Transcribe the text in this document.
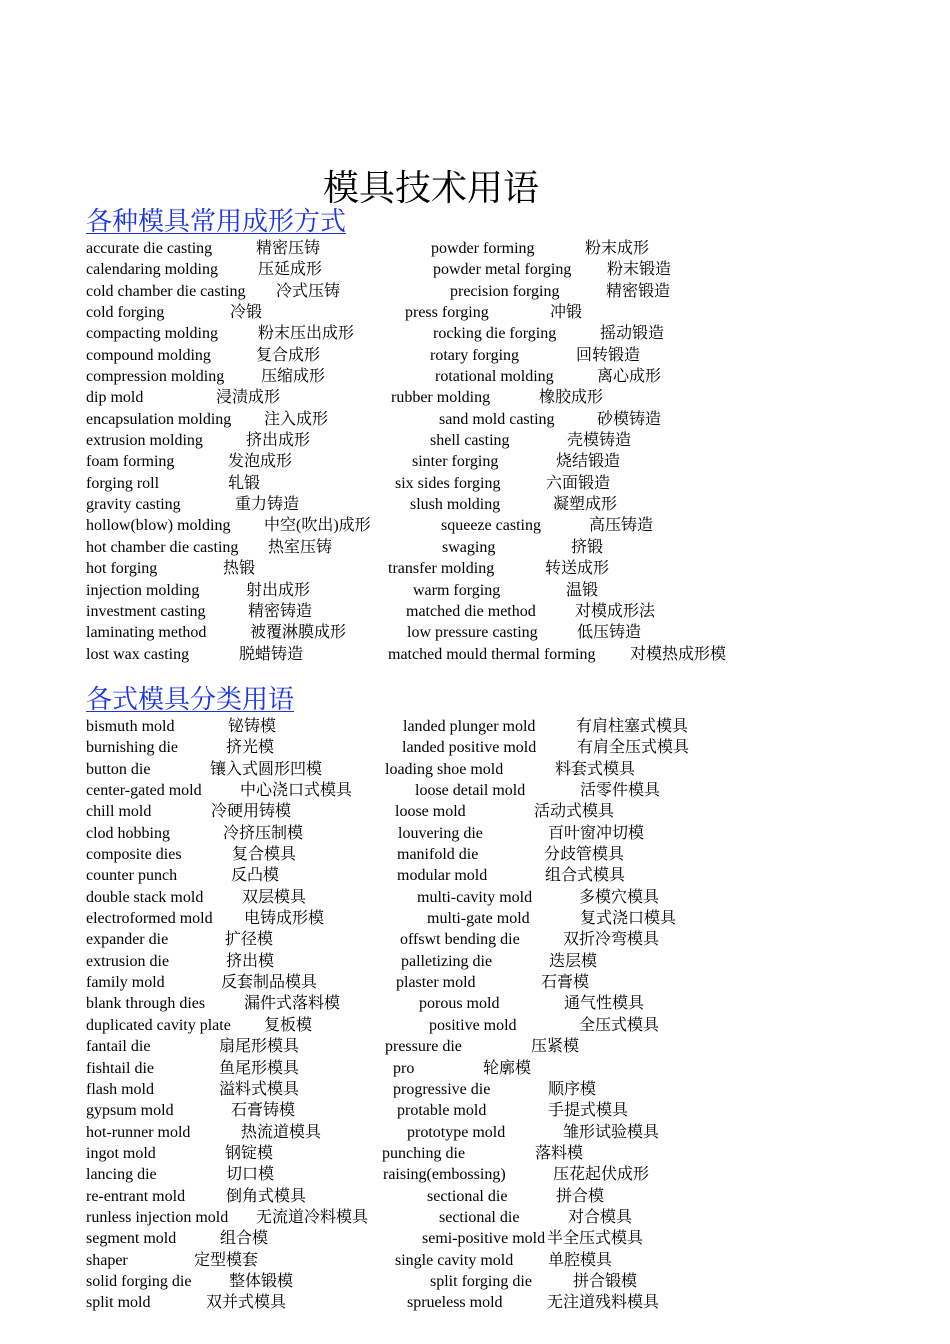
模具技术用语
各种模具常用成形方式
accurate die casting	精密压铸	powder forming	粉末成形
calendaring molding	压延成形	powder metal forging 粉末锻造
cold chamber die casting 冷式压铸	precision forging	精密锻造
cold forging	冷锻	press forging	冲锻
compacting molding	粉末压出成形	rocking die forging	摇动锻造
compound molding	复合成形	rotary forging	回转锻造
compression molding 压缩成形	rotational molding	离心成形
dip mold	浸渍成形	rubber molding	橡胶成形
encapsulation molding 注入成形	sand mold casting	砂模铸造
extrusion molding	挤出成形	shell casting	壳模铸造
foam forming	发泡成形	sinter forging	烧结锻造
forging roll	轧锻	six sides forging	六面锻造
gravity casting	重力铸造	slush molding	凝塑成形
hollow(blow) molding 中空(吹出)成形	squeeze casting	高压铸造
hot chamber die casting 热室压铸	swaging	挤锻
hot forging	热锻	transfer molding	转送成形
injection molding	射出成形	warm forging	温锻
investment casting	精密铸造	matched die method 对模成形法
laminating method	被覆淋膜成形	low pressure casting 低压铸造
lost wax casting	脱蜡铸造	matched mould thermal forming 对模热成形模
各式模具分类用语
bismuth mold	铋铸模	landed plunger mold	有肩柱塞式模具
burnishing die	挤光模	landed positive mold	有肩全压式模具
button die	镶入式圆形凹模	loading shoe mold	料套式模具
center-gated mold 中心浇口式模具	loose detail mold	活零件模具
chill mold	冷硬用铸模	loose mold	活动式模具
clod hobbing	冷挤压制模	louvering die	百叶窗冲切模
composite dies	复合模具	manifold die	分歧管模具
counter punch	反凸模	modular mold	组合式模具
double stack mold 双层模具	multi-cavity mold	多模穴模具
electroformed mold 电铸成形模	multi-gate mold	复式浇口模具
expander die	扩径模	offswt bending die	双折冷弯模具
extrusion die	挤出模	palletizing die	迭层模
family mold	反套制品模具	plaster mold	石膏模
blank through dies 漏件式落料模	porous mold	通气性模具
duplicated cavity plate 复板模	positive mold	全压式模具
fantail die	扇尾形模具	pressure die	压紧模
fishtail die	鱼尾形模具	pro	轮廓模
flash mold	溢料式模具	progressive die	顺序模
gypsum mold	石膏铸模	protable mold	手提式模具
hot-runner mold	热流道模具	prototype mold	雏形试验模具
ingot mold	钢锭模	punching die	落料模
lancing die	切口模	raising(embossing)	压花起伏成形
re-entrant mold	倒角式模具	sectional die	拼合模
runless injection mold 无流道冷料模具	sectional die	对合模具
segment mold	组合模	semi-positive mold 半全压式模具
shaper	定型模套	single cavity mold 单腔模具
solid forging die 整体锻模	split forging die	拼合锻模
split mold	双并式模具	sprueless mold	无注道残料模具
